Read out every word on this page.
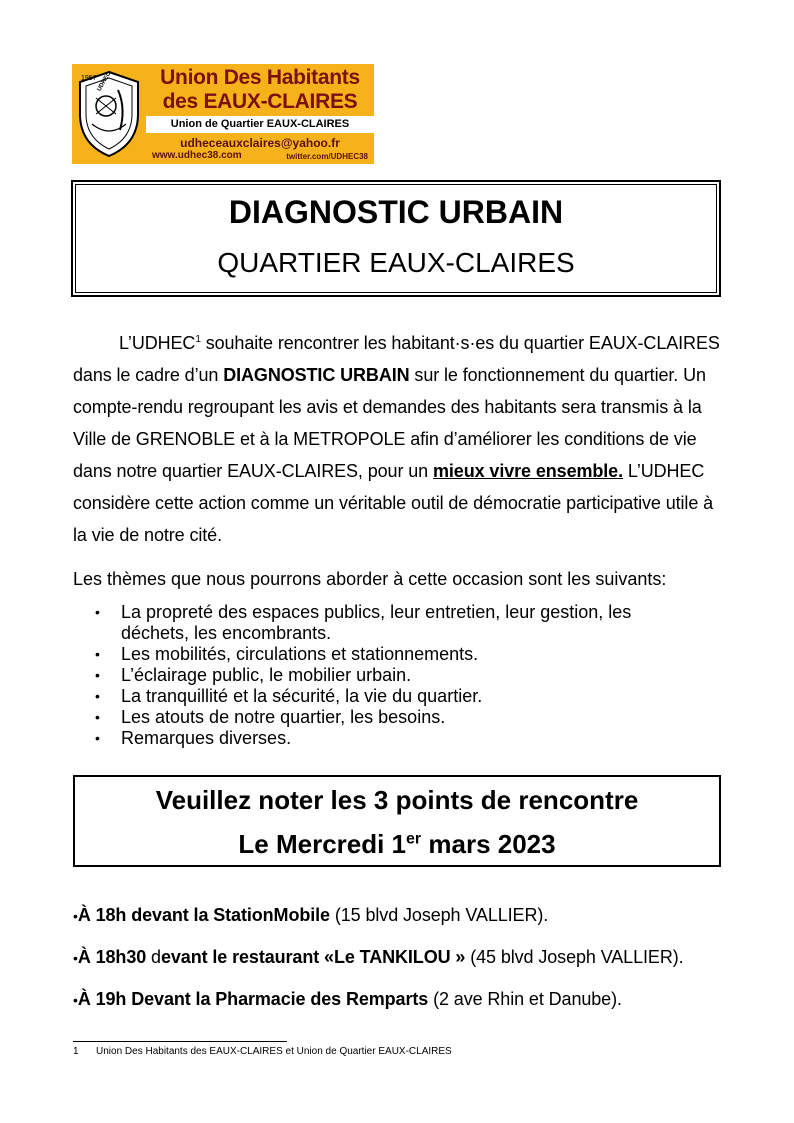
1957 UDHEC	Union Des Habitants
des EAUX-CLAIRES
Union de Quartier EAUX-CLAIRES
udheceauxclaires@yahoo.fr
www.udhec38.com	twitter.com/UDHEC38
DIAGNOSTIC URBAIN
QUARTIER EAUX-CLAIRES
L’UDHEC$^1$ souhaite rencontrer les habitant·s·es du quartier EAUX-CLAIRES dans le cadre d’un DIAGNOSTIC URBAIN sur le fonctionnement du quartier. Un compte-rendu regroupant les avis et demandes des habitants sera transmis à la Ville de GRENOBLE et à la METROPOLE afin d’améliorer les conditions de vie dans notre quartier EAUX-CLAIRES, pour un mieux vivre ensemble. L’UDHEC considère cette action comme un véritable outil de démocratie participative utile à la vie de notre cité.
Les thèmes que nous pourrons aborder à cette occasion sont les suivants:
• La propreté des espaces publics, leur entretien, leur gestion, les déchets, les encombrants.
• Les mobilités, circulations et stationnements.
• L’éclairage public, le mobilier urbain.
• La tranquillité et la sécurité, la vie du quartier.
• Les atouts de notre quartier, les besoins.
• Remarques diverses.
Veuillez noter les 3 points de rencontre
Le Mercredi 1er mars 2023
•À 18h devant la StationMobile (15 blvd Joseph VALLIER).
•À 18h30 devant le restaurant «Le TANKILOU » (45 blvd Joseph VALLIER).
•À 19h Devant la Pharmacie des Remparts (2 ave Rhin et Danube).
1 Union Des Habitants des EAUX-CLAIRES et Union de Quartier EAUX-CLAIRES
